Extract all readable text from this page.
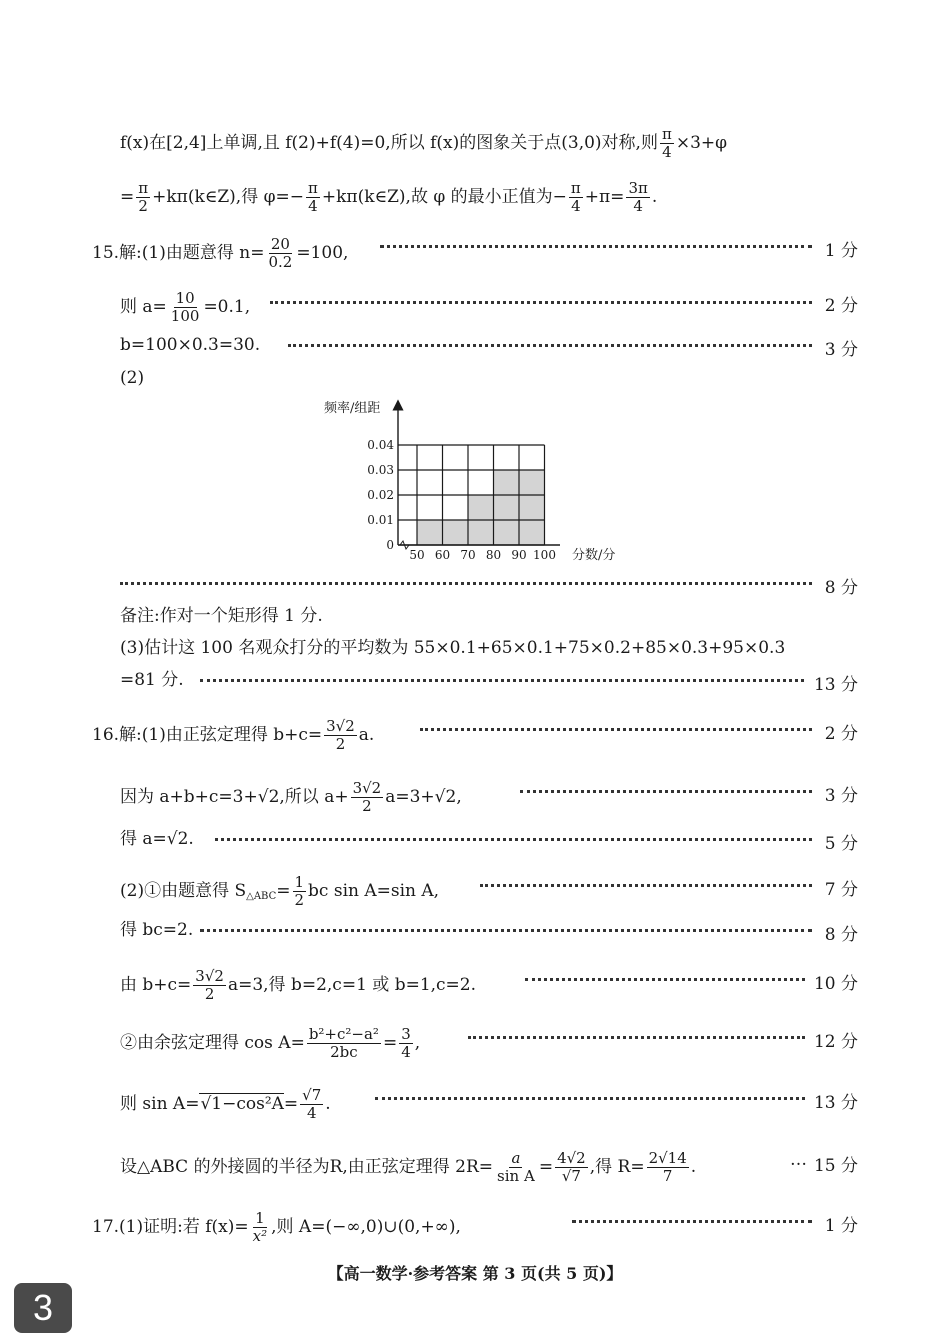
f(x)在[2,4]上单调,且 f(2)+f(4)=0,所以 f(x)的图象关于点(3,0)对称,则 $\frac{\pi}{4} \times 3+\varphi$
= $\frac{\pi}{2}$ +kπ(k∈Z),得 $\varphi=- \frac{\pi}{4}$ +kπ(k∈Z),故 φ 的最小正值为− $\frac{\pi}{4} +\pi= \frac{3\pi}{4}$ .
15.解:(1)由题意得 $n= \frac{20}{0.2} =100$,	1 分
则 $a= \frac{10}{100} =0.1$,	2 分
b=100×0.3=30.	3 分
(2)
频率/组距
分数/分
0
0.01
0.02
0.03
0.04
50 60 70 80 90 100
8 分
备注:作对一个矩形得 1 分.
(3)估计这 100 名观众打分的平均数为 55×0.1+65×0.1+75×0.2+85×0.3+95×0.3
=81 分.	13 分
16.解:(1)由正弦定理得 $b+c= \frac{3√2}{2} a$.	2 分
因为 a+b+c=3+√2,所以 $a+ \frac{3√2}{2} a=3+√2$,	3 分
得 a=√2.	5 分
(2)①由题意得 $S_{\triangle ABC}= \frac{1}{2}$ bc sin A=sin A,	7 分
得 bc=2.	8 分
由 $b+c= \frac{3√2}{2} a=3$,得 b=2,c=1 或 b=1,c=2.	10 分
②由余弦定理得 $\cos A= \frac{\text{b²+c²−a²}}{2bc} = \frac{3}{4}$ ,	12 分
则 $\sin A=√1-\cos^2A= \frac{√7}{4}$ .	13 分
设△ABC 的外接圆的半径为R,由正弦定理得 $2R= \frac{a}{\text{sin A}} = \frac{4√2}{√7}$ ,得 $R= \frac{2√14}{7}$ .	… 15 分
17.(1)证明:若 $f(x)= \frac{1}{\text{x²}}$ ,则 A=(−∞,0)∪(0,+∞),	1 分
【高一数学·参考答案 第 3 页(共 5 页)】
3
